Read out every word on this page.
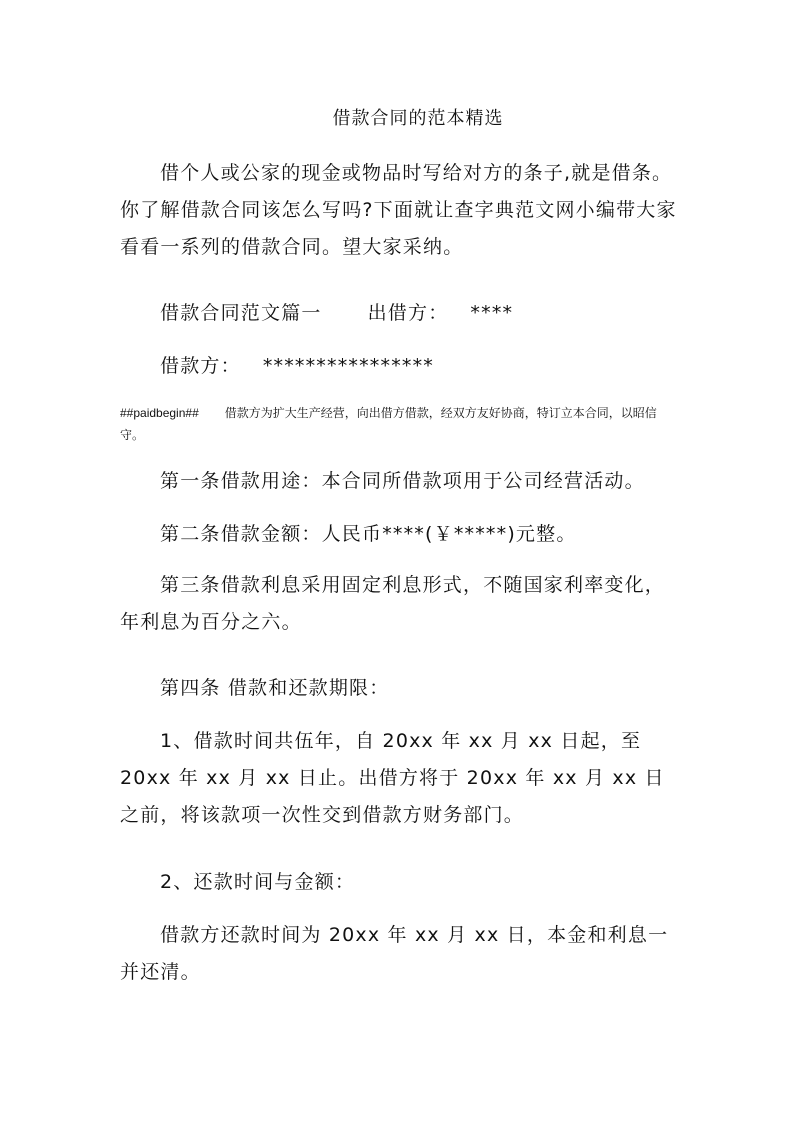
借款合同的范本精选

借个人或公家的现金或物品时写给对方的条子,就是借条。你了解借款合同该怎么写吗?下面就让查字典范文网小编带大家看看一系列的借款合同。望大家采纳。

借款合同范文篇一 出借方： ****
借款方： ****************

##paidbegin## 借款方为扩大生产经营，向出借方借款，经双方友好协商，特订立本合同，以昭信守。

第一条借款用途：本合同所借款项用于公司经营活动。

第二条借款金额：人民币****(￥*****)元整。

第三条借款利息采用固定利息形式，不随国家利率变化，年利息为百分之六。

第四条 借款和还款期限：

1、借款时间共伍年，自 20xx 年 xx 月 xx 日起，至 20xx 年 xx 月 xx 日止。出借方将于 20xx 年 xx 月 xx 日之前，将该款项一次性交到借款方财务部门。

2、还款时间与金额：

借款方还款时间为 20xx 年 xx 月 xx 日，本金和利息一并还清。
